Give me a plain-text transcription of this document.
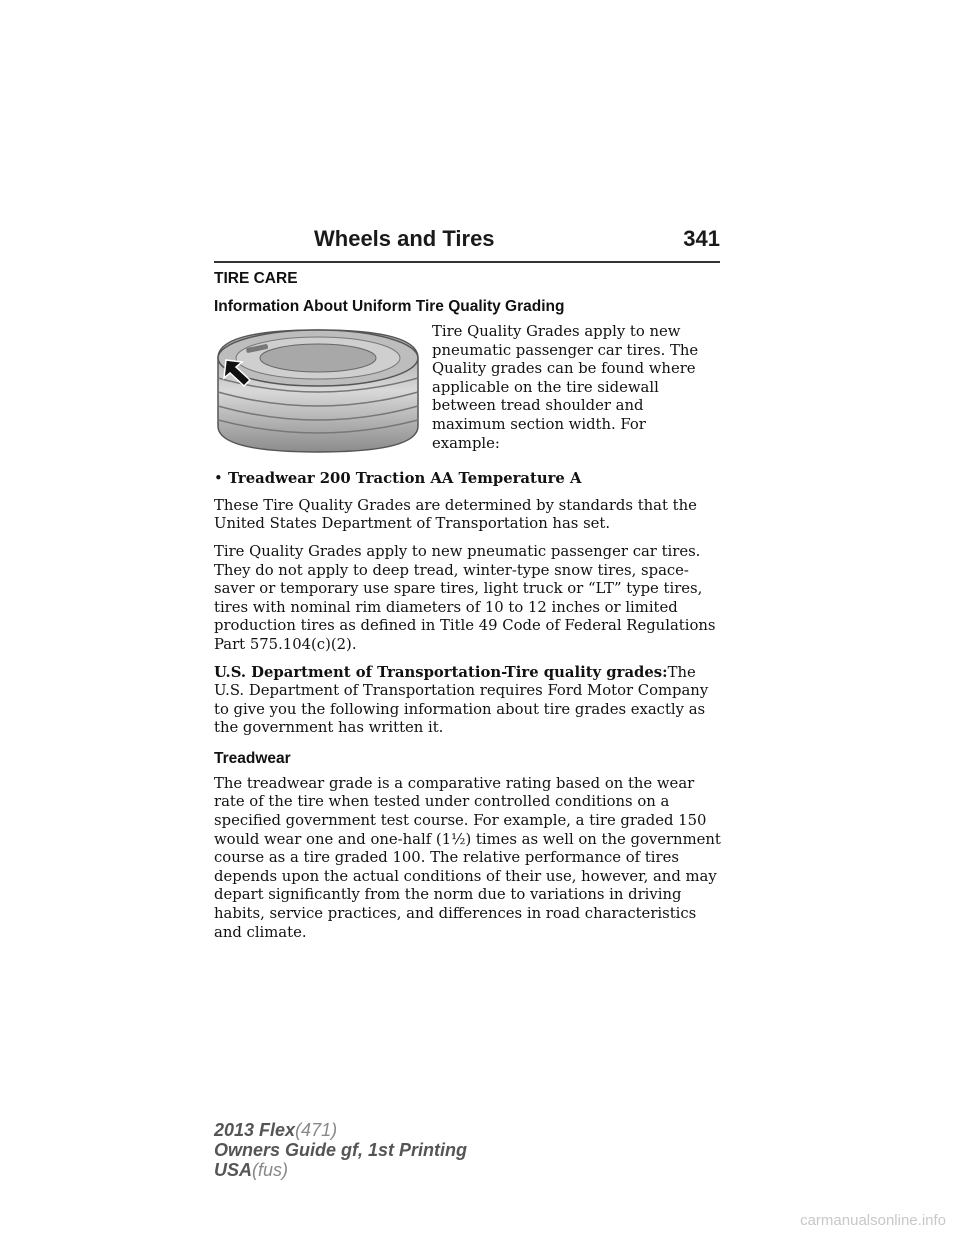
Wheels and Tires	341
TIRE CARE
Information About Uniform Tire Quality Grading
Tire Quality Grades apply to new pneumatic passenger car tires. The Quality grades can be found where applicable on the tire sidewall between tread shoulder and maximum section width. For example:
• Treadwear 200 Traction AA Temperature A

These Tire Quality Grades are determined by standards that the United States Department of Transportation has set.

Tire Quality Grades apply to new pneumatic passenger car tires. They do not apply to deep tread, winter-type snow tires, space-saver or temporary use spare tires, light truck or “LT” type tires, tires with nominal rim diameters of 10 to 12 inches or limited production tires as defined in Title 49 Code of Federal Regulations Part 575.104(c)(2).

U.S. Department of Transportation-Tire quality grades:The U.S. Department of Transportation requires Ford Motor Company to give you the following information about tire grades exactly as the government has written it.

Treadwear

The treadwear grade is a comparative rating based on the wear rate of the tire when tested under controlled conditions on a specified government test course. For example, a tire graded 150 would wear one and one-half (1½) times as well on the government course as a tire graded 100. The relative performance of tires depends upon the actual conditions of their use, however, and may depart significantly from the norm due to variations in driving habits, service practices, and differences in road characteristics and climate.

2013 Flex(471)
Owners Guide gf, 1st Printing
USA(fus)
carmanualsonline.info
